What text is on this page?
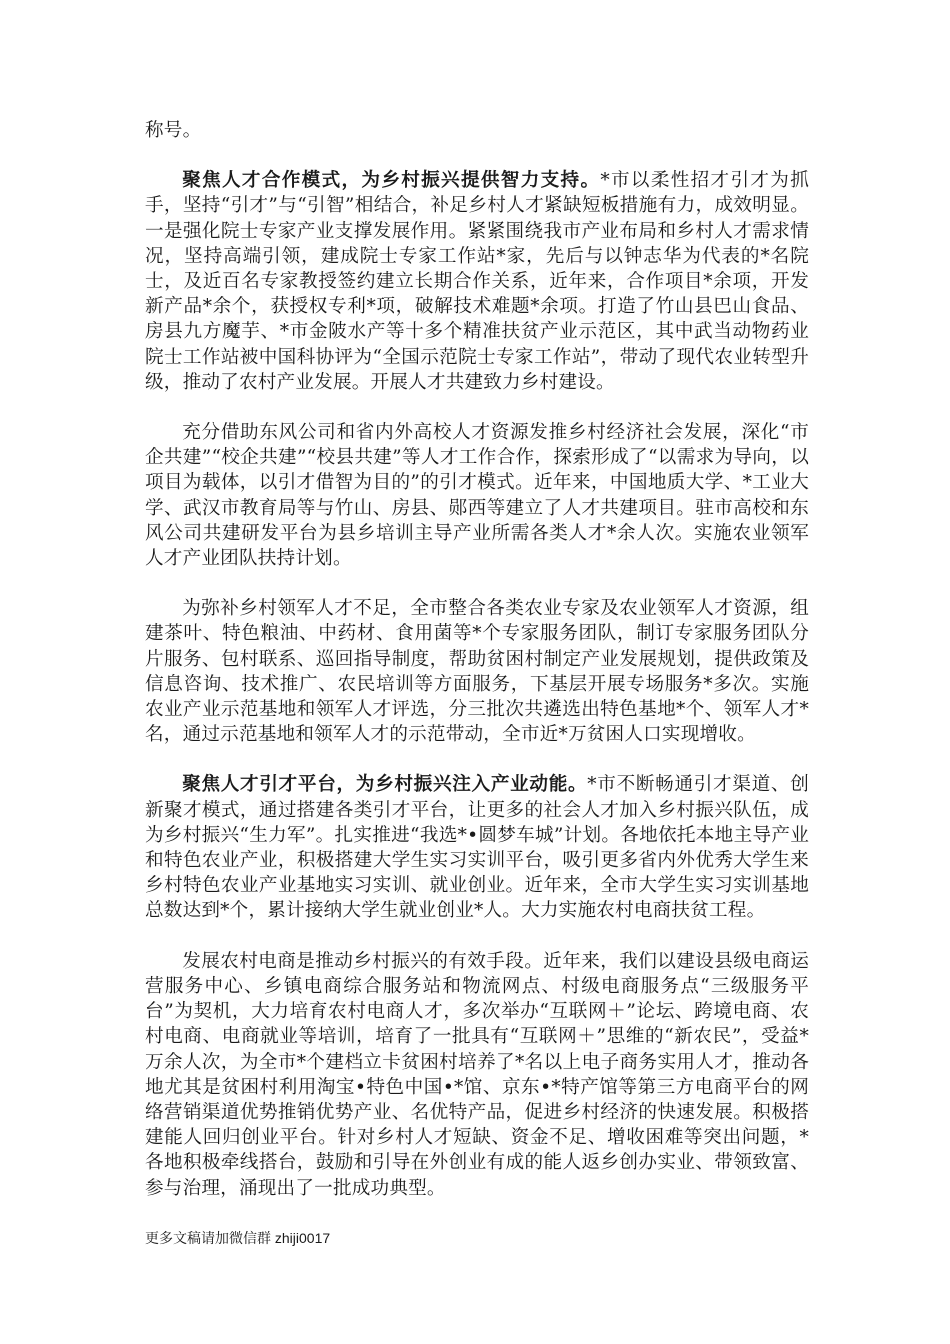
称号。

聚焦人才合作模式，为乡村振兴提供智力支持。*市以柔性招才引才为抓手，坚持“引才”与“引智”相结合，补足乡村人才紧缺短板措施有力，成效明显。一是强化院士专家产业支撑发展作用。紧紧围绕我市产业布局和乡村人才需求情况，坚持高端引领，建成院士专家工作站*家，先后与以钟志华为代表的*名院士，及近百名专家教授签约建立长期合作关系，近年来，合作项目*余项，开发新产品*余个，获授权专利*项，破解技术难题*余项。打造了竹山县巴山食品、房县九方魔芋、*市金陂水产等十多个精准扶贫产业示范区，其中武当动物药业院士工作站被中国科协评为“全国示范院士专家工作站”，带动了现代农业转型升级，推动了农村产业发展。开展人才共建致力乡村建设。

充分借助东风公司和省内外高校人才资源发推乡村经济社会发展，深化“市企共建”“校企共建”“校县共建”等人才工作合作，探索形成了“以需求为导向，以项目为载体，以引才借智为目的”的引才模式。近年来，中国地质大学、*工业大学、武汉市教育局等与竹山、房县、郧西等建立了人才共建项目。驻市高校和东风公司共建研发平台为县乡培训主导产业所需各类人才*余人次。实施农业领军人才产业团队扶持计划。

为弥补乡村领军人才不足，全市整合各类农业专家及农业领军人才资源，组建茶叶、特色粮油、中药材、食用菌等*个专家服务团队，制订专家服务团队分片服务、包村联系、巡回指导制度，帮助贫困村制定产业发展规划，提供政策及信息咨询、技术推广、农民培训等方面服务，下基层开展专场服务*多次。实施农业产业示范基地和领军人才评选，分三批次共遴选出特色基地*个、领军人才*名，通过示范基地和领军人才的示范带动，全市近*万贫困人口实现增收。

聚焦人才引才平台，为乡村振兴注入产业动能。*市不断畅通引才渠道、创新聚才模式，通过搭建各类引才平台，让更多的社会人才加入乡村振兴队伍，成为乡村振兴“生力军”。扎实推进“我选*•圆梦车城”计划。各地依托本地主导产业和特色农业产业，积极搭建大学生实习实训平台，吸引更多省内外优秀大学生来乡村特色农业产业基地实习实训、就业创业。近年来，全市大学生实习实训基地总数达到*个，累计接纳大学生就业创业*人。大力实施农村电商扶贫工程。

发展农村电商是推动乡村振兴的有效手段。近年来，我们以建设县级电商运营服务中心、乡镇电商综合服务站和物流网点、村级电商服务点“三级服务平台”为契机，大力培育农村电商人才，多次举办“互联网＋”论坛、跨境电商、农村电商、电商就业等培训，培育了一批具有“互联网＋”思维的“新农民”，受益*万余人次，为全市*个建档立卡贫困村培养了*名以上电子商务实用人才，推动各地尤其是贫困村利用淘宝•特色中国•*馆、京东•*特产馆等第三方电商平台的网络营销渠道优势推销优势产业、名优特产品，促进乡村经济的快速发展。积极搭建能人回归创业平台。针对乡村人才短缺、资金不足、增收困难等突出问题，*各地积极牵线搭台，鼓励和引导在外创业有成的能人返乡创办实业、带领致富、参与治理，涌现出了一批成功典型。

更多文稿请加微信群 zhiji0017
